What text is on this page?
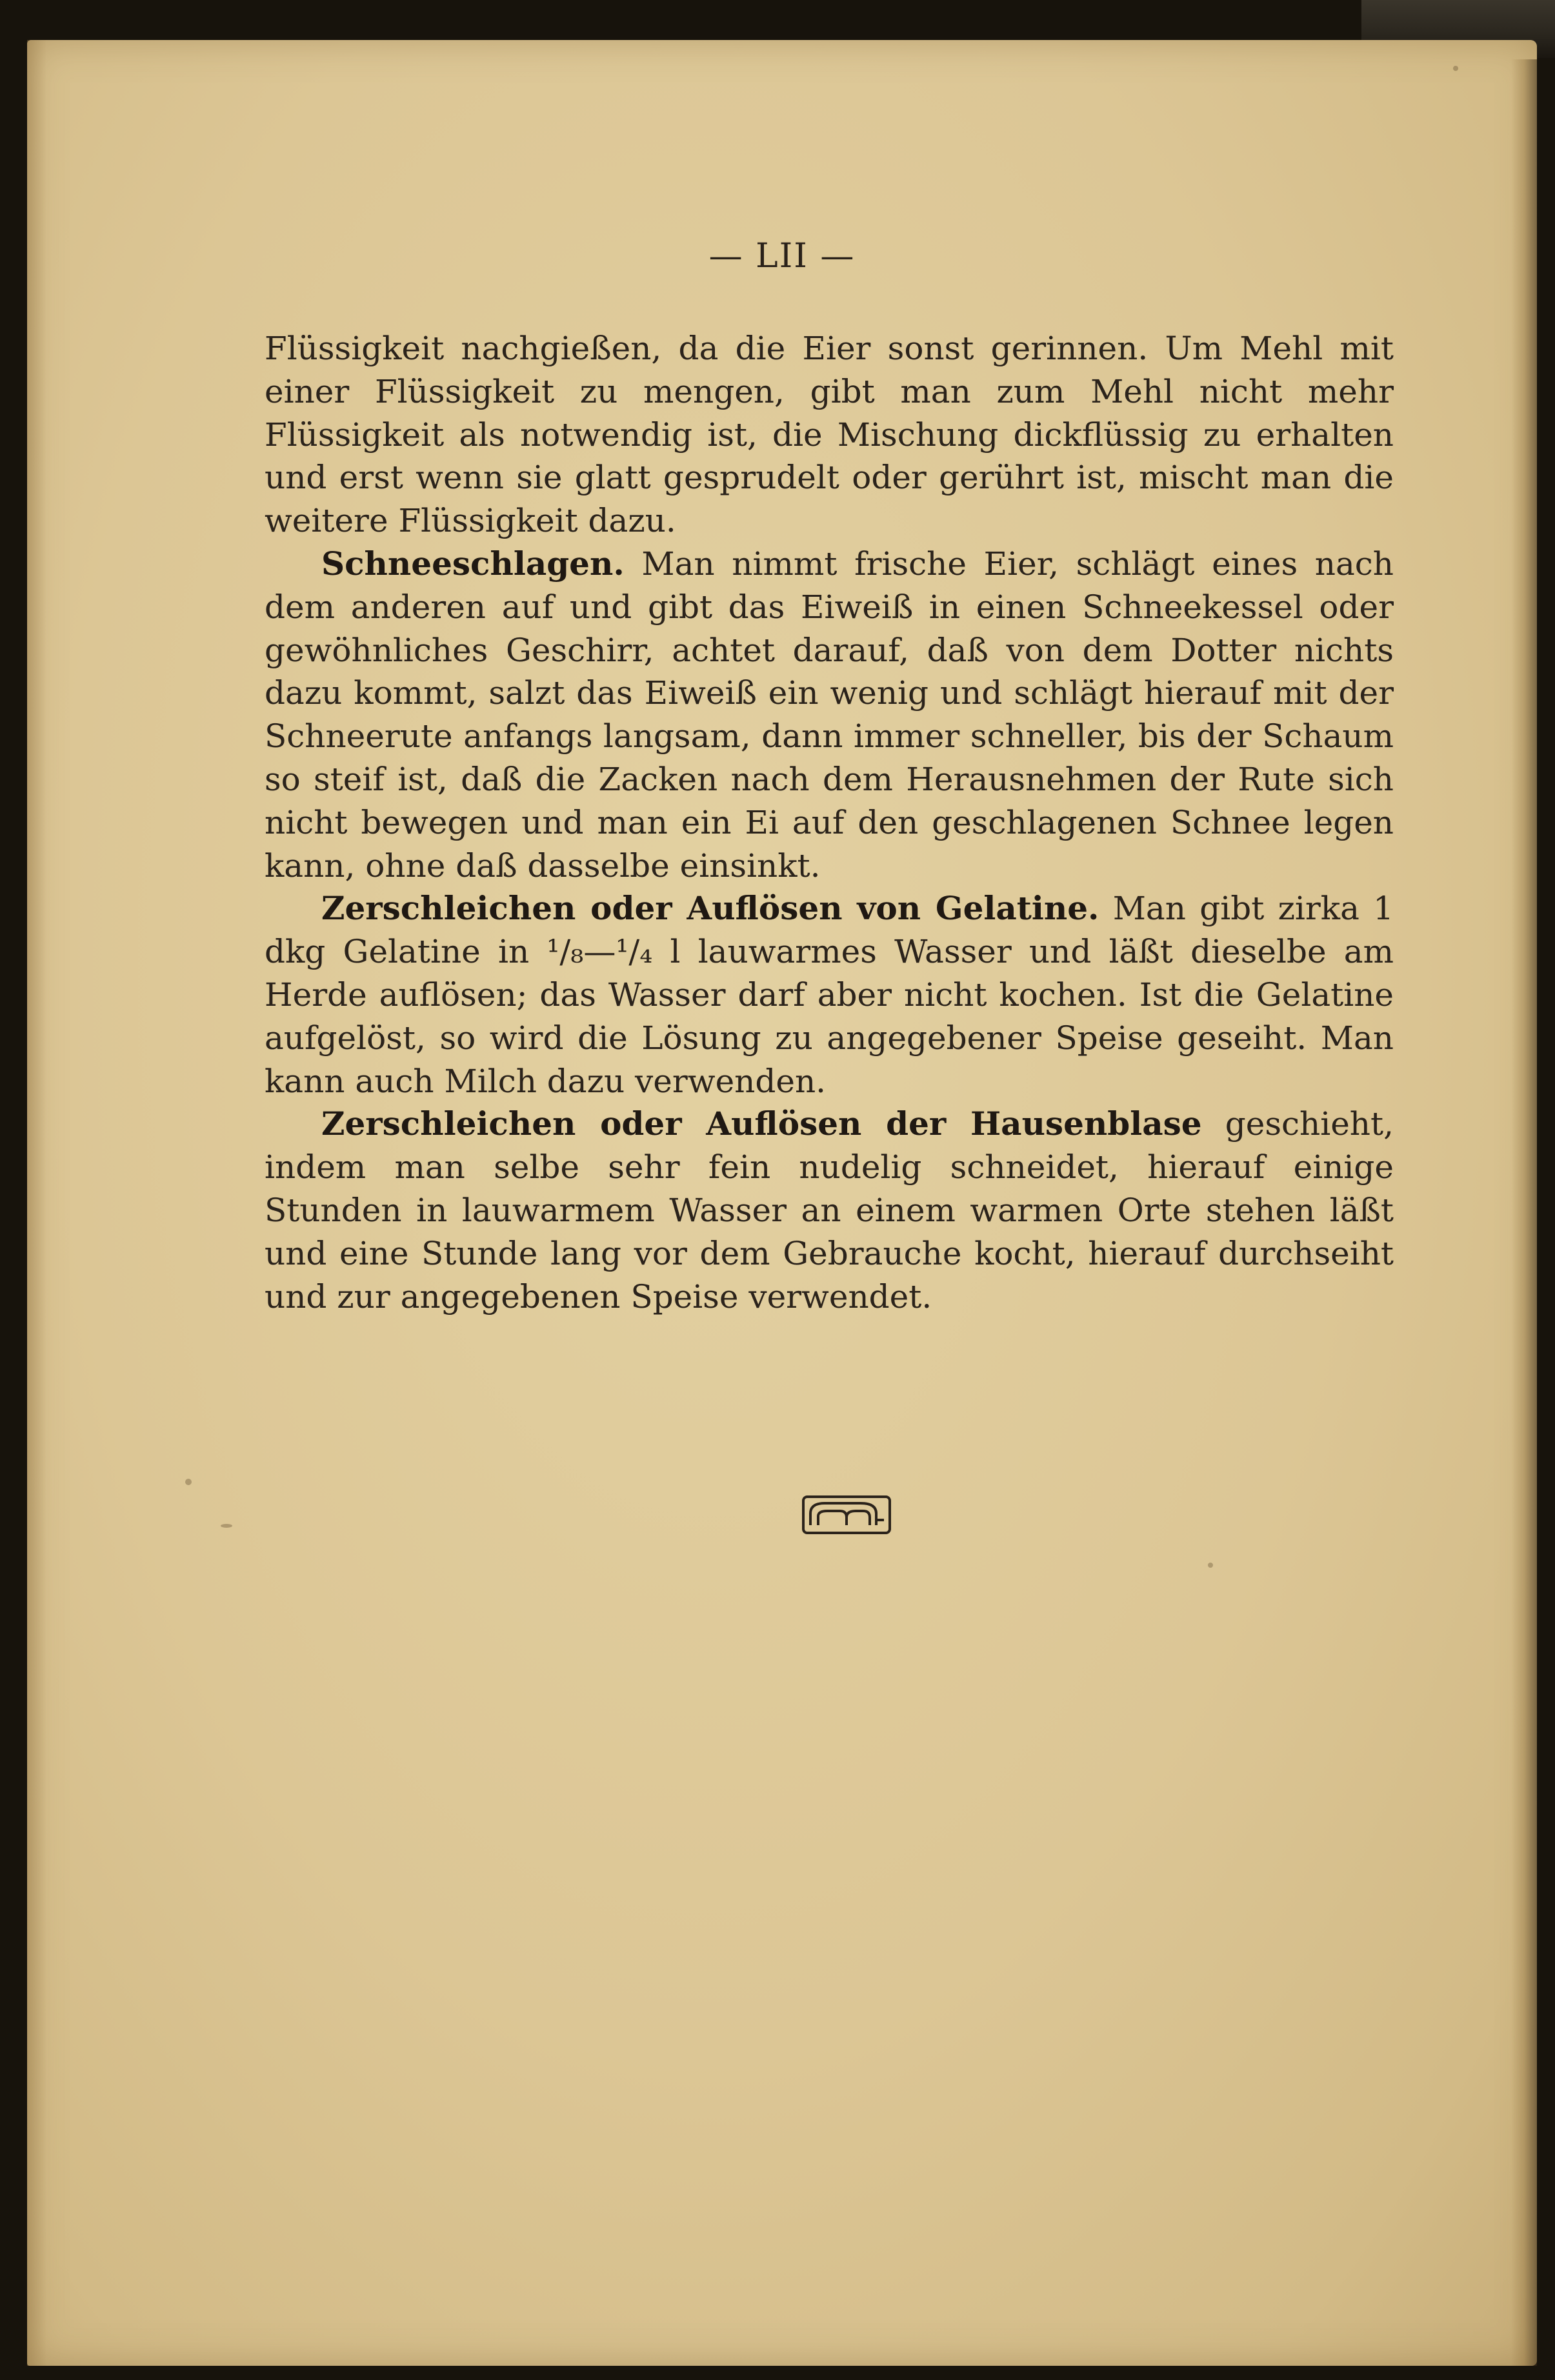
— LII —

Flüssigkeit nachgießen, da die Eier sonst gerinnen. Um Mehl mit einer Flüssigkeit zu mengen, gibt man zum Mehl nicht mehr Flüssigkeit als notwendig ist, die Mischung dickflüssig zu erhalten und erst wenn sie glatt gesprudelt oder gerührt ist, mischt man die weitere Flüssigkeit dazu.

Schneeschlagen. Man nimmt frische Eier, schlägt eines nach dem anderen auf und gibt das Eiweiß in einen Schneekessel oder gewöhnliches Geschirr, achtet darauf, daß von dem Dotter nichts dazu kommt, salzt das Eiweiß ein wenig und schlägt hierauf mit der Schneerute anfangs langsam, dann immer schneller, bis der Schaum so steif ist, daß die Zacken nach dem Herausnehmen der Rute sich nicht bewegen und man ein Ei auf den geschlagenen Schnee legen kann, ohne daß dasselbe einsinkt.

Zerschleichen oder Auflösen von Gelatine. Man gibt zirka 1 dkg Gelatine in ¹/₈—¹/₄ l lauwarmes Wasser und läßt dieselbe am Herde auflösen; das Wasser darf aber nicht kochen. Ist die Gelatine aufgelöst, so wird die Lösung zu angegebener Speise geseiht. Man kann auch Milch dazu verwenden.

Zerschleichen oder Auflösen der Hausenblase geschieht, indem man selbe sehr fein nudelig schneidet, hierauf einige Stunden in lauwarmem Wasser an einem warmen Orte stehen läßt und eine Stunde lang vor dem Gebrauche kocht, hierauf durchseiht und zur angegebenen Speise verwendet.
